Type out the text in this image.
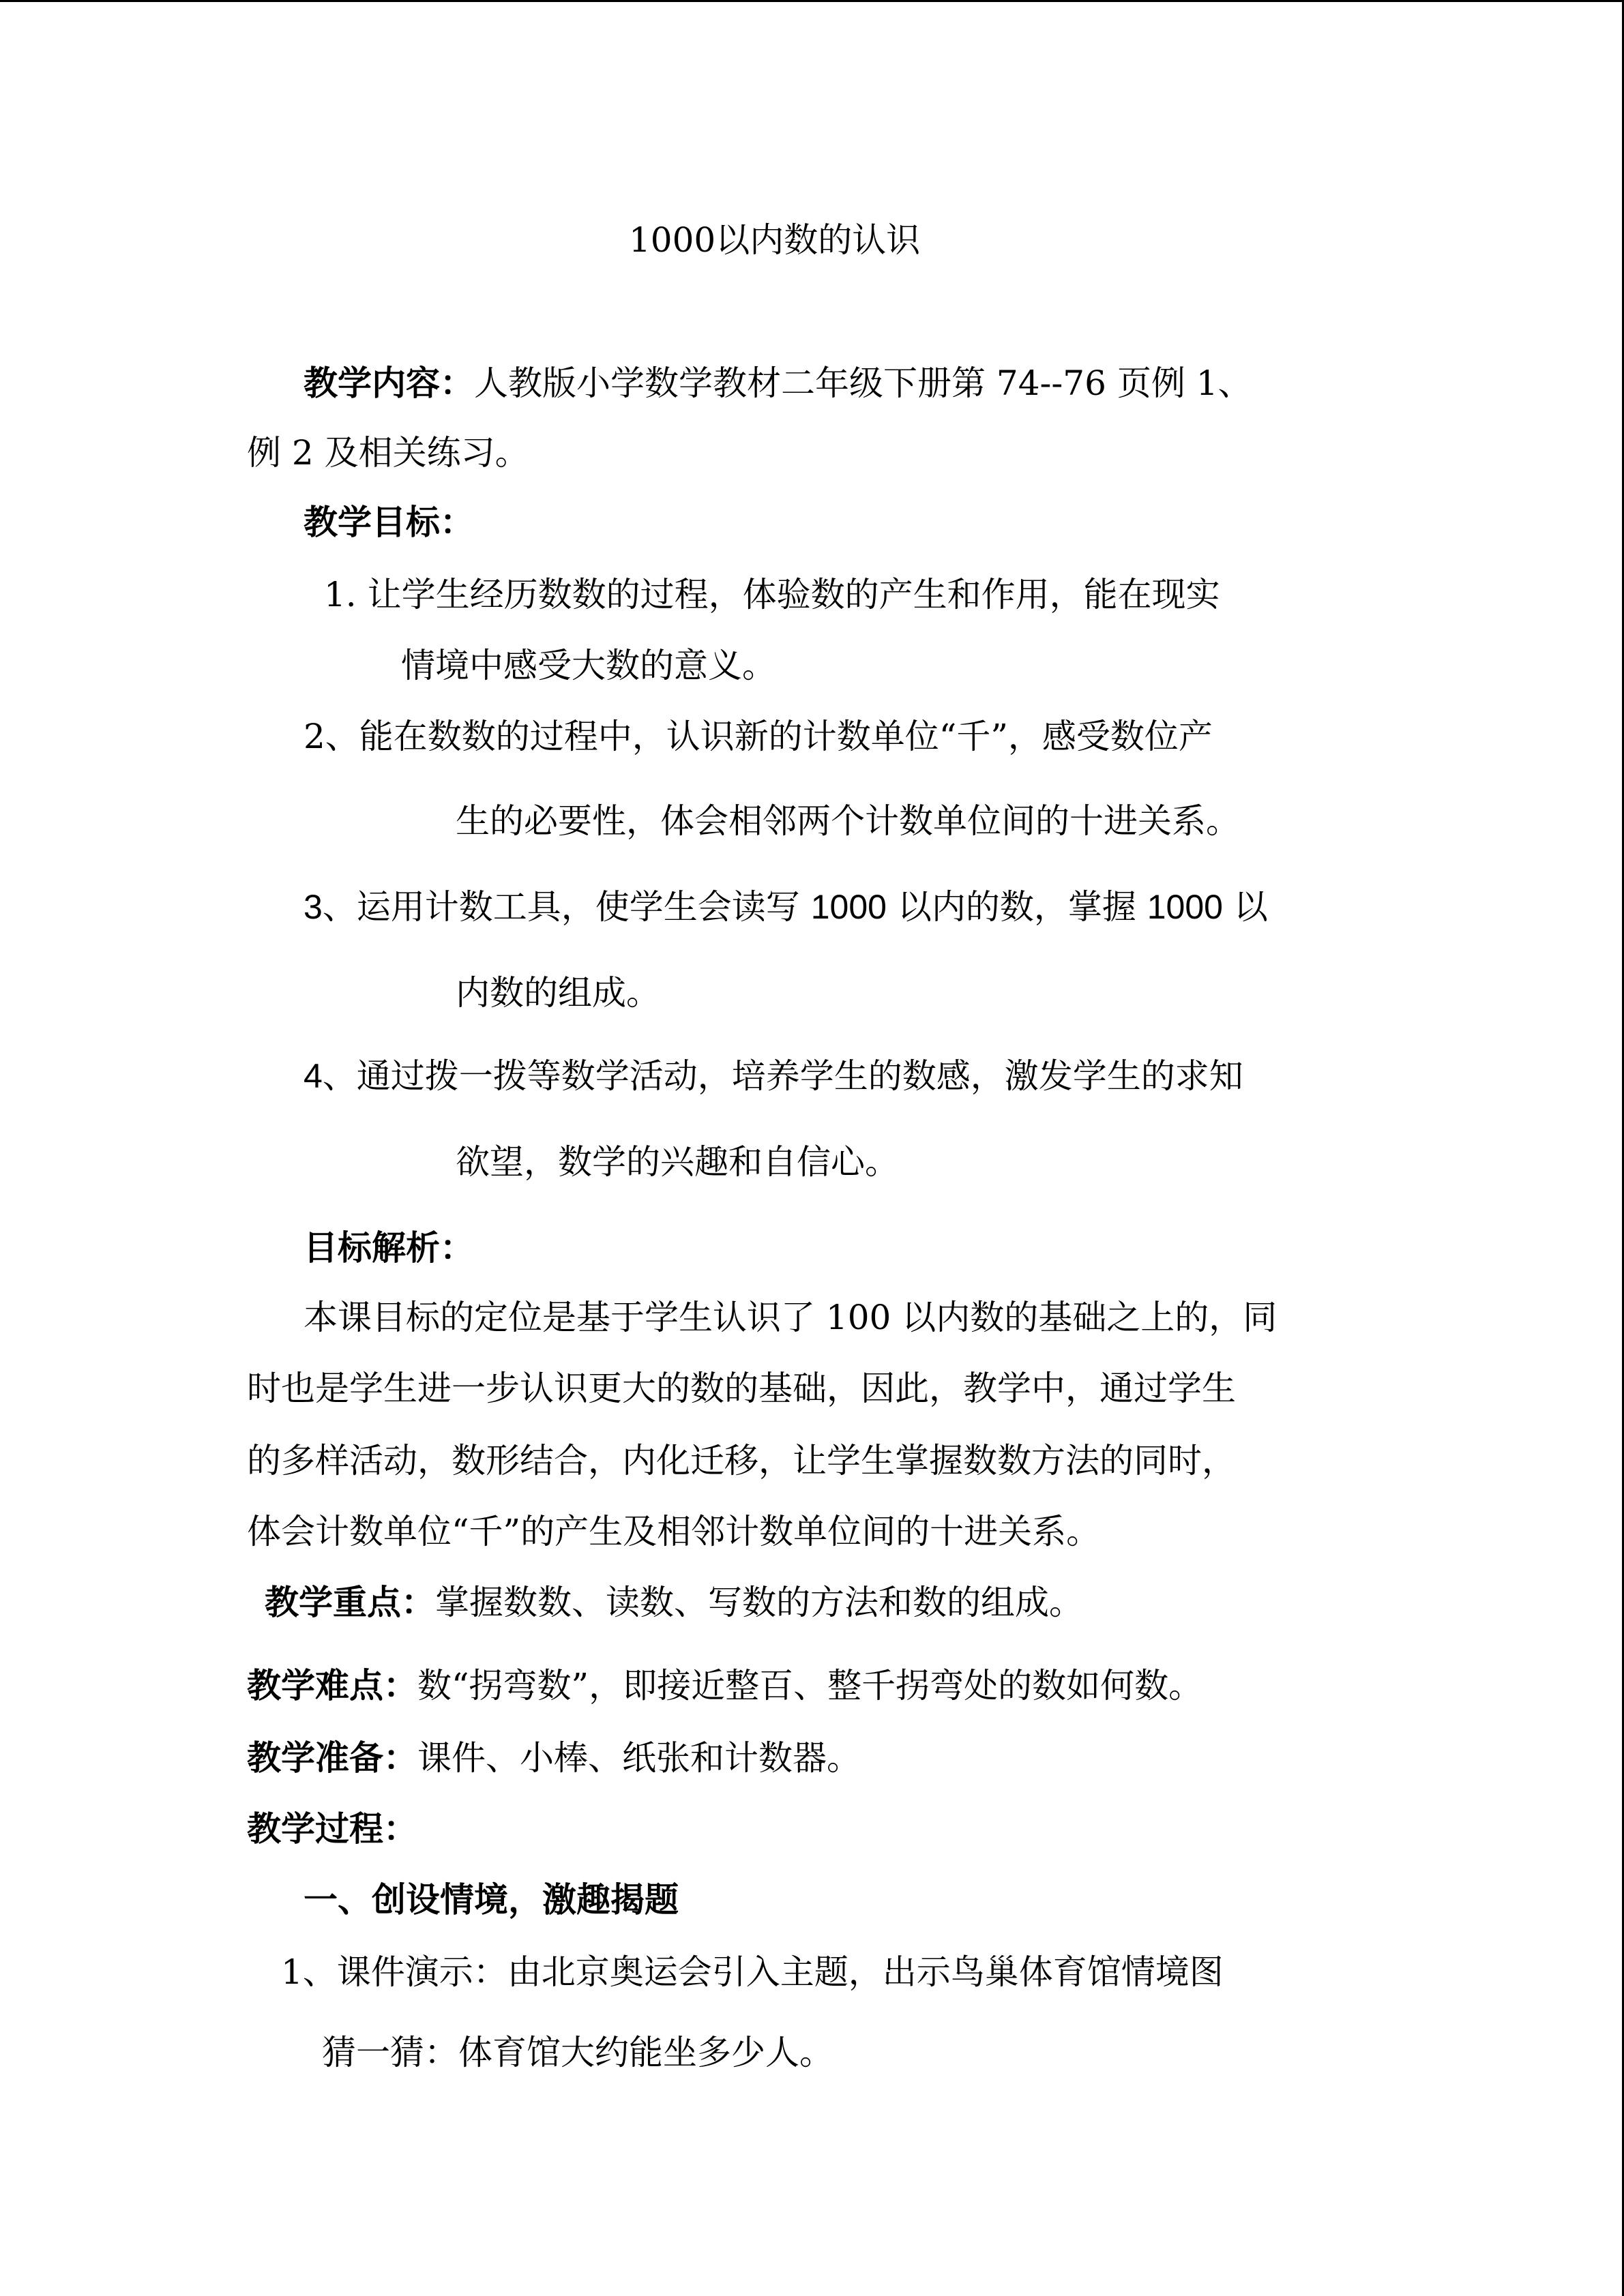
1000以内数的认识
教学内容：人教版小学数学教材二年级下册第 74--76 页例 1、
例 2 及相关练习。
教学目标：
1. 让学生经历数数的过程，体验数的产生和作用，能在现实
情境中感受大数的意义。
2、能在数数的过程中，认识新的计数单位“千”，感受数位产
生的必要性，体会相邻两个计数单位间的十进关系。
3、运用计数工具，使学生会读写 1000 以内的数，掌握 1000 以
内数的组成。
4、通过拨一拨等数学活动，培养学生的数感，激发学生的求知
欲望，数学的兴趣和自信心。
目标解析：
本课目标的定位是基于学生认识了 100 以内数的基础之上的，同
时也是学生进一步认识更大的数的基础，因此，教学中，通过学生
的多样活动，数形结合，内化迁移，让学生掌握数数方法的同时，
体会计数单位“千”的产生及相邻计数单位间的十进关系。
教学重点：掌握数数、读数、写数的方法和数的组成。
教学难点：数“拐弯数”，即接近整百、整千拐弯处的数如何数。
教学准备：课件、小棒、纸张和计数器。
教学过程：
一、创设情境，激趣揭题
1、课件演示：由北京奥运会引入主题，出示鸟巢体育馆情境图
猜一猜：体育馆大约能坐多少人。
